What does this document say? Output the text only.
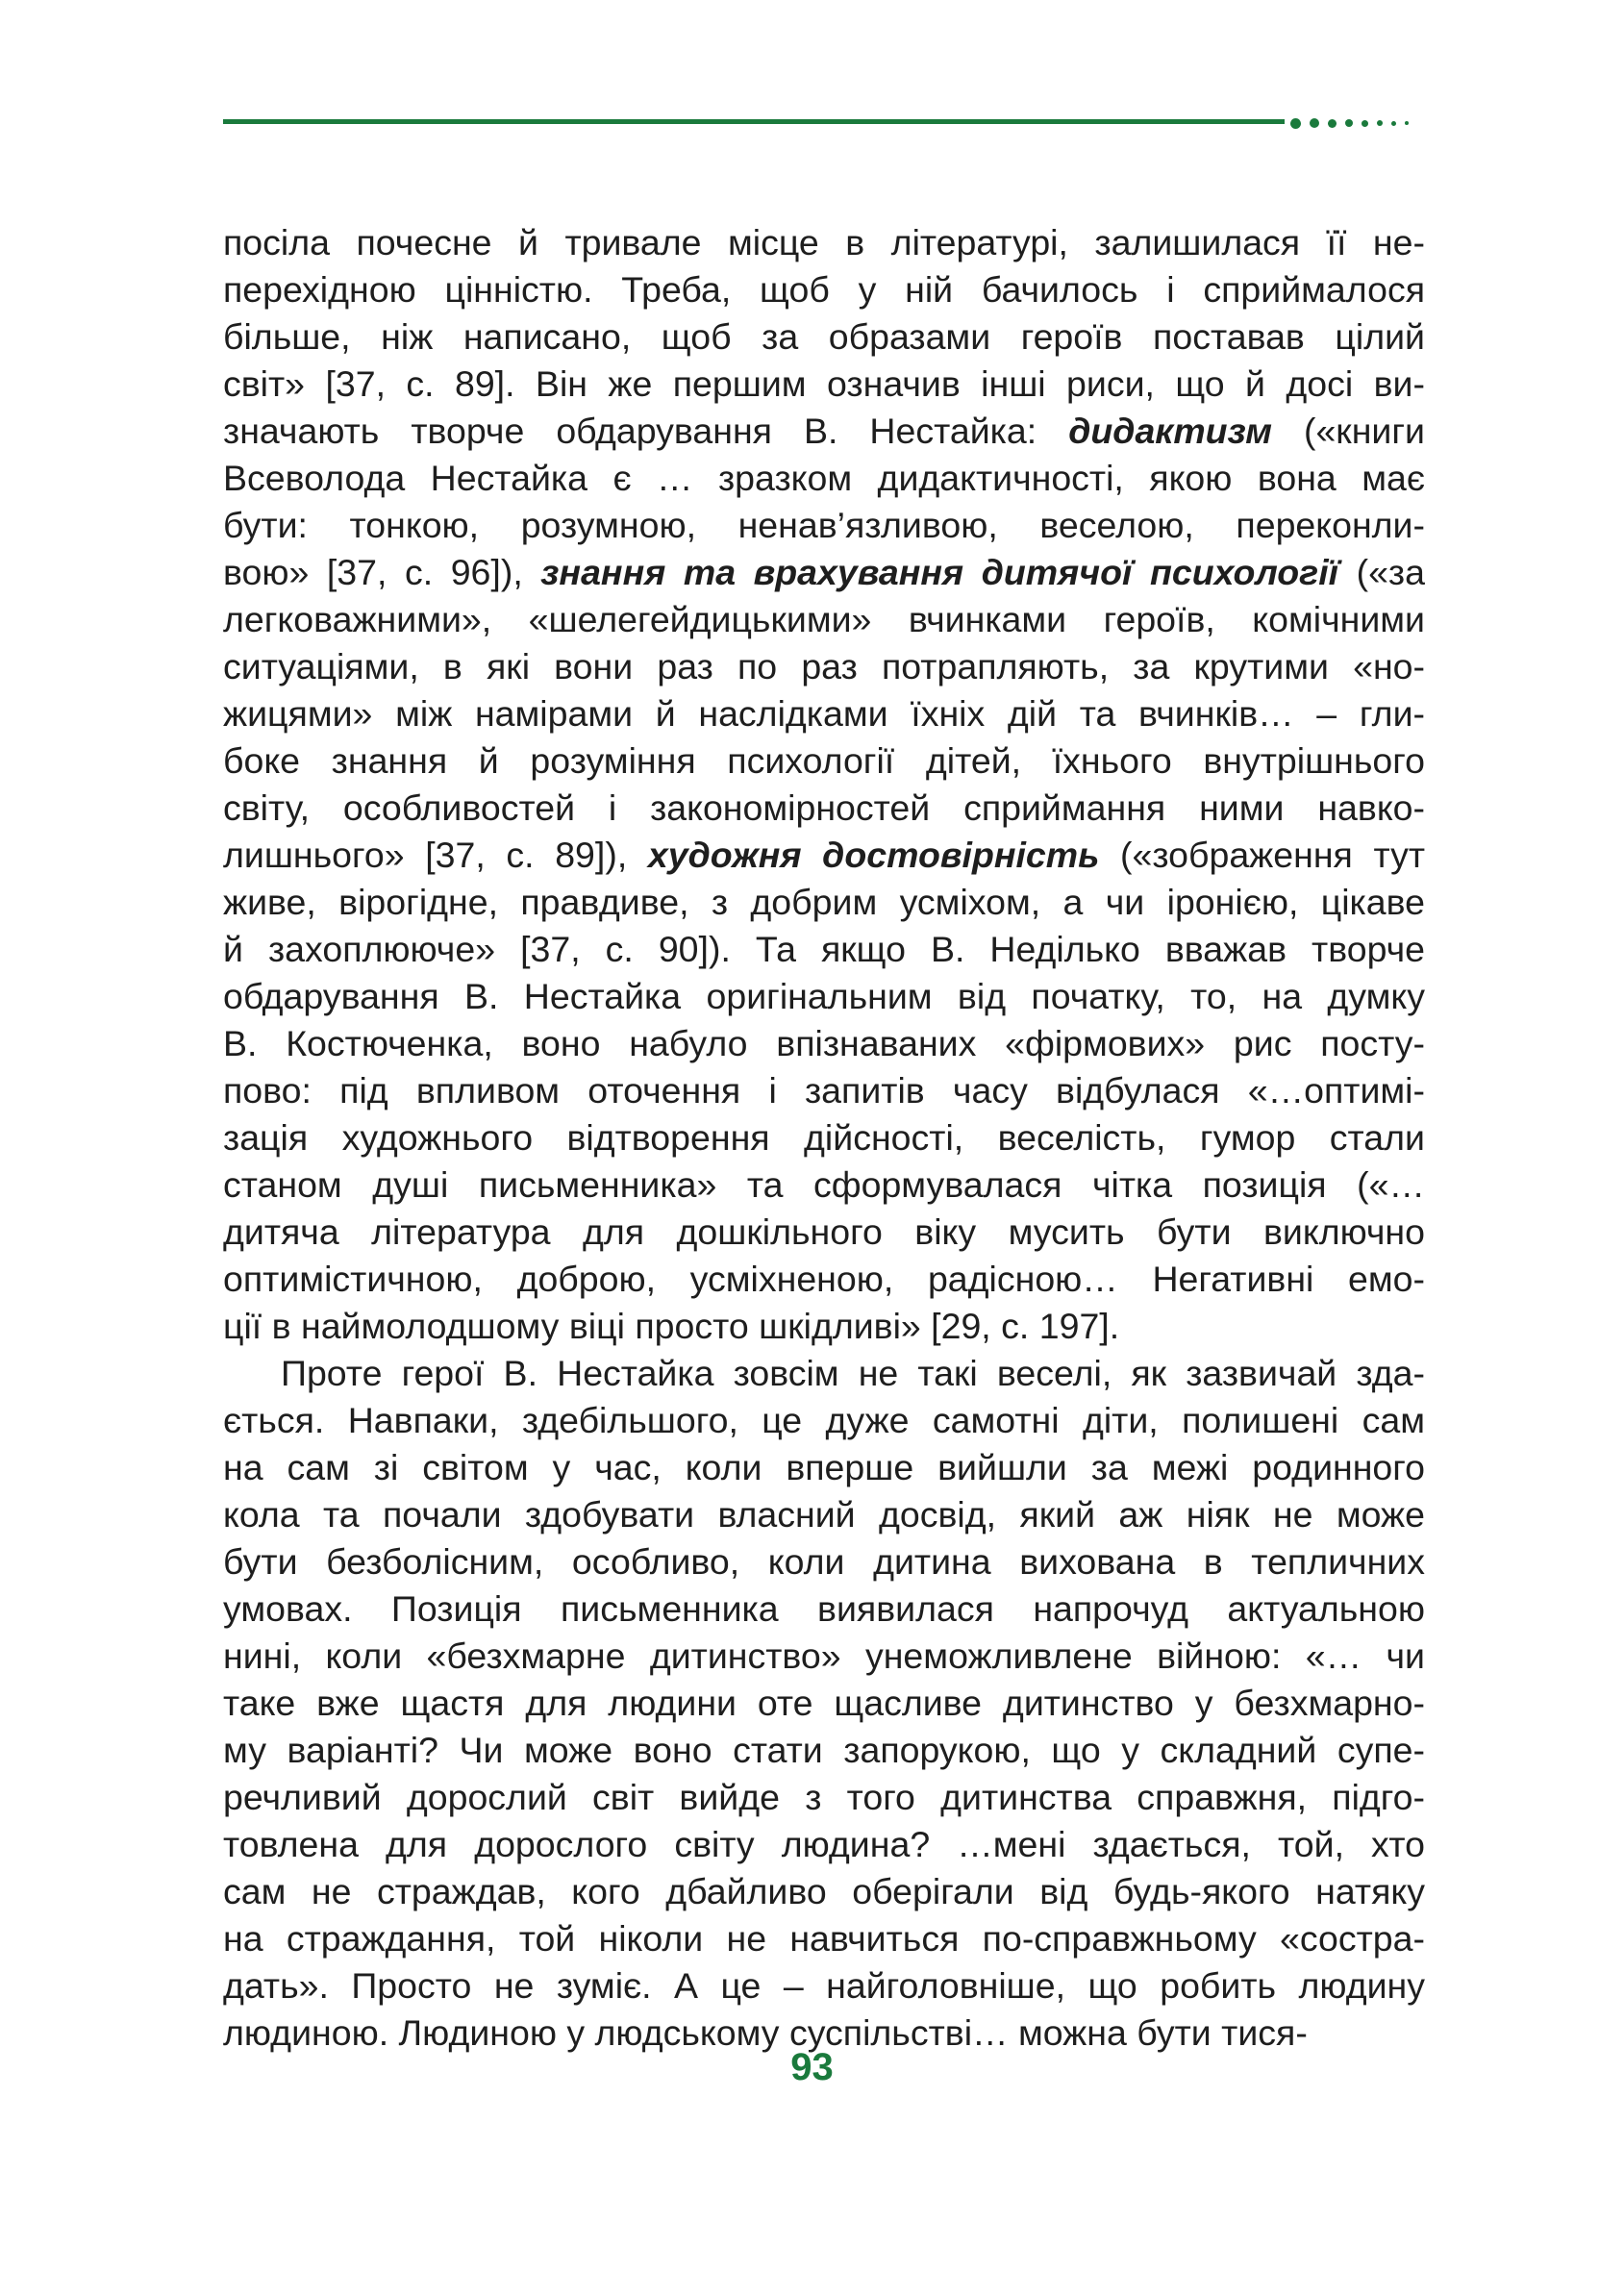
посіла почесне й тривале місце в літературі, залишилася її не-
перехідною цінністю. Треба, щоб у ній бачилось і сприймалося
більше, ніж написано, щоб за образами героїв поставав цілий
світ» [37, с. 89]. Він же першим означив інші риси, що й досі ви-
значають творче обдарування В. Нестайка: дидактизм («книги
Всеволода Нестайка є … зразком дидактичності, якою вона має
бути: тонкою, розумною, ненав’язливою, веселою, переконли-
вою» [37, с. 96]), знання та врахування дитячої психології («за
легковажними», «шелегейдицькими» вчинками героїв, комічними
ситуаціями, в які вони раз по раз потрапляють, за крутими «но-
жицями» між намірами й наслідками їхніх дій та вчинків… – гли-
боке знання й розуміння психології дітей, їхнього внутрішнього
світу, особливостей і закономірностей сприймання ними навко-
лишнього» [37, с. 89]), художня достовірність («зображення тут
живе, вірогідне, правдиве, з добрим усміхом, а чи іронією, цікаве
й захоплююче» [37, с. 90]). Та якщо В. Неділько вважав творче
обдарування В. Нестайка оригінальним від початку, то, на думку
В. Костюченка, воно набуло впізнаваних «фірмових» рис посту-
пово: під впливом оточення і запитів часу відбулася «…оптимі-
зація художнього відтворення дійсності, веселість, гумор стали
станом душі письменника» та сформувалася чітка позиція («…
дитяча література для дошкільного віку мусить бути виключно
оптимістичною, доброю, усміхненою, радісною… Негативні емо-
ції в наймолодшому віці просто шкідливі» [29, с. 197].
Проте герої В. Нестайка зовсім не такі веселі, як зазвичай зда-
ється. Навпаки, здебільшого, це дуже самотні діти, полишені сам
на сам зі світом у час, коли вперше вийшли за межі родинного
кола та почали здобувати власний досвід, який аж ніяк не може
бути безболісним, особливо, коли дитина вихована в тепличних
умовах. Позиція письменника виявилася напрочуд актуальною
нині, коли «безхмарне дитинство» унеможливлене війною: «… чи
таке вже щастя для людини оте щасливе дитинство у безхмарно-
му варіанті? Чи може воно стати запорукою, що у складний супе-
речливий дорослий світ вийде з того дитинства справжня, підго-
товлена для дорослого світу людина? …мені здається, той, хто
сам не страждав, кого дбайливо оберігали від будь-якого натяку
на страждання, той ніколи не навчиться по-справжньому «сострa-
дать». Просто не зуміє. А це – найголовніше, що робить людину
людиною. Людиною у людському суспільстві… можна бути тися-
93
